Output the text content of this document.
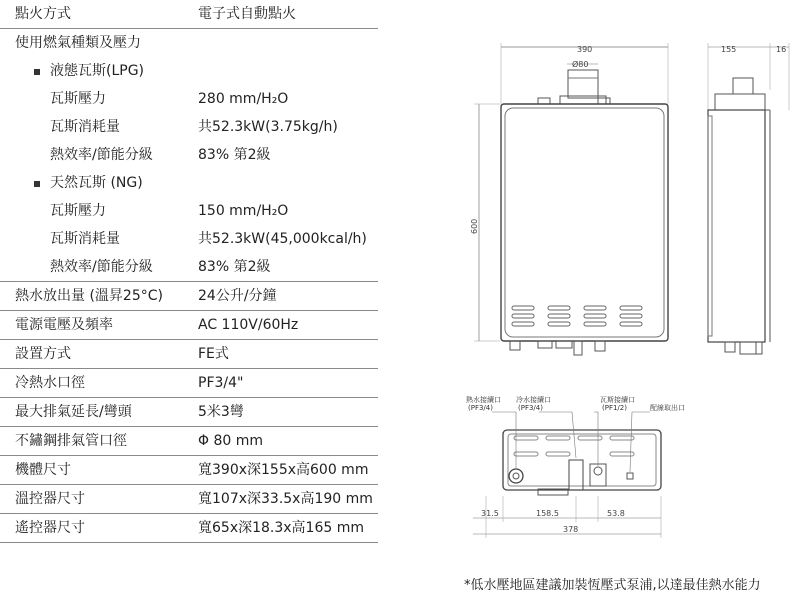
點火方式	電子式自動點火
使用燃氣種類及壓力
液態瓦斯(LPG)
瓦斯壓力	280 mm/H₂O
瓦斯消耗量	共52.3kW(3.75kg/h)
熱效率/節能分級	83% 第2級
天然瓦斯 (NG)
瓦斯壓力	150 mm/H₂O
瓦斯消耗量	共52.3kW(45,000kcal/h)
熱效率/節能分級	83% 第2級
熱水放出量 (溫昇25°C)	24公升/分鐘
電源電壓及頻率	AC 110V/60Hz
設置方式	FE式
冷熱水口徑	PF3/4"
最大排氣延長/彎頭	5米3彎
不鏽鋼排氣管口徑	Φ 80 mm
機體尺寸	寬390x深155x高600 mm
溫控器尺寸	寬107x深33.5x高190 mm
遙控器尺寸	寬65x深18.3x高165 mm
390
Ø80
600
155	16
熱水接續口
(PF3/4)
冷水接續口
(PF3/4)
瓦斯接續口
(PF1/2)	配線取出口
31.5	158.5	53.8
378
*低水壓地區建議加裝恆壓式泵浦,以達最佳熱水能力
